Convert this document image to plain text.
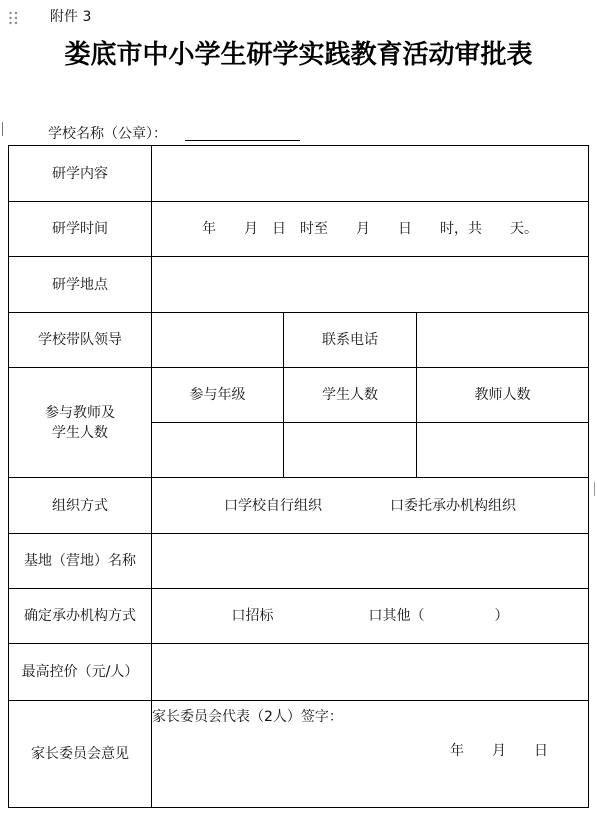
附件 3
娄底市中小学生研学实践教育活动审批表
学校名称（公章）：
研学内容			
研学时间	年　　月　日　时至　　月　　日　　时，共　　天。		
研学地点			
学校带队领导		联系电话	

参与教师及
学生人数	参与年级	学生人数	教师人数

组织方式	口学校自行组织 口委托承办机构组织		

基地（营地）名称			
确定承办机构方式	口招标 口其他（　　　　　）		

最高控价（元/人）			
家长委员会意见	家长委员会代表（2人）签字：
年　　月　　日		
